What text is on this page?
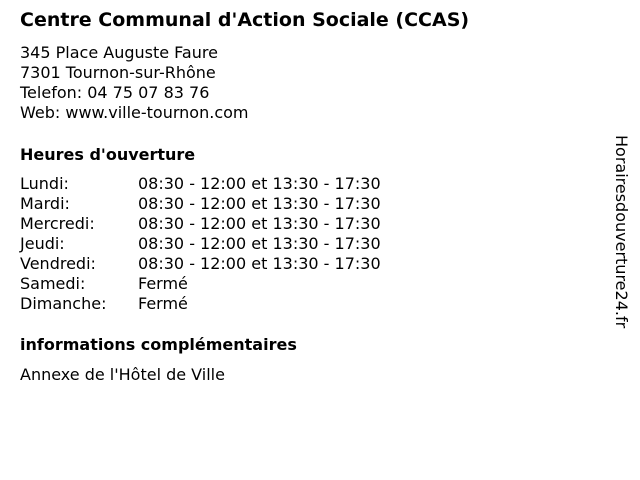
Centre Communal d'Action Sociale (CCAS)
345 Place Auguste Faure
7301 Tournon-sur-Rhône
Telefon: 04 75 07 83 76
Web: www.ville-tournon.com
Heures d'ouverture
Lundi:	08:30 - 12:00 et 13:30 - 17:30
Mardi:	08:30 - 12:00 et 13:30 - 17:30
Mercredi:	08:30 - 12:00 et 13:30 - 17:30
Jeudi:	08:30 - 12:00 et 13:30 - 17:30
Vendredi:	08:30 - 12:00 et 13:30 - 17:30
Samedi:	Fermé
Dimanche:	Fermé
informations complémentaires
Annexe de l'Hôtel de Ville
Horairesdouverture24.fr
